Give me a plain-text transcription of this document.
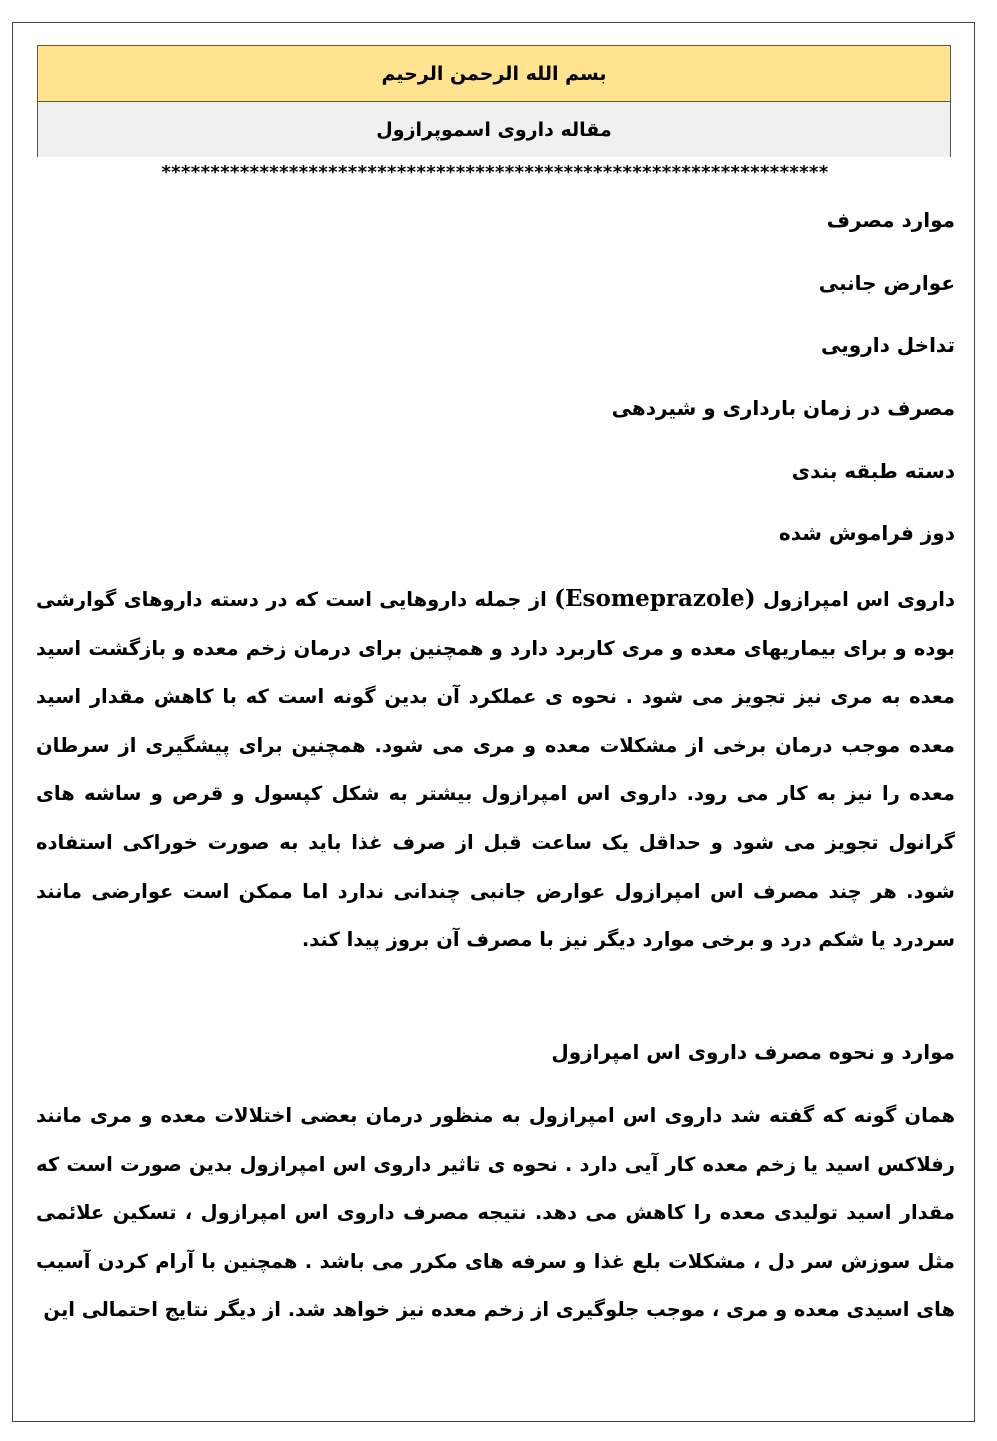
بسم الله الرحمن الرحیم
مقاله داروی اسموپرازول
********************************************************************
موارد مصرف
عوارض جانبی
تداخل دارویی
مصرف در زمان بارداری و شیردهی
دسته طبقه بندی
دوز فراموش شده
داروی اس امپرازول (Esomeprazole) از جمله داروهایی است که در دسته داروهای گوارشی بوده و برای بیماریهای معده و مری کاربرد دارد و همچنین برای درمان زخم معده و بازگشت اسید معده به مری نیز تجویز می شود . نحوه ی عملکرد آن بدین گونه است که با کاهش مقدار اسید معده موجب درمان برخی از مشکلات معده و مری می شود. همچنین برای پیشگیری از سرطان معده را نیز به کار می رود. داروی اس امپرازول بیشتر به شکل کپسول و قرص و ساشه های گرانول تجویز می شود و حداقل یک ساعت قبل از صرف غذا باید به صورت خوراکی استفاده شود. هر چند مصرف اس امپرازول عوارض جانبی چندانی ندارد اما ممکن است عوارضی مانند سردرد یا شکم درد و برخی موارد دیگر نیز با مصرف آن بروز پیدا کند.
موارد و نحوه مصرف داروی اس امپرازول
همان گونه که گفته شد داروی اس امپرازول به منظور درمان بعضی اختلالات معده و مری مانند رفلاکس اسید یا زخم معده کار آیی دارد . نحوه ی تاثیر داروی اس امپرازول بدین صورت است که مقدار اسید تولیدی معده را کاهش می دهد. نتیجه مصرف داروی اس امپرازول ، تسکین علائمی مثل سوزش سر دل ، مشکلات بلع غذا و سرفه های مکرر می باشد . همچنین با آرام کردن آسیب های اسیدی معده و مری ، موجب جلوگیری از زخم معده نیز خواهد شد. از دیگر نتایج احتمالی این
